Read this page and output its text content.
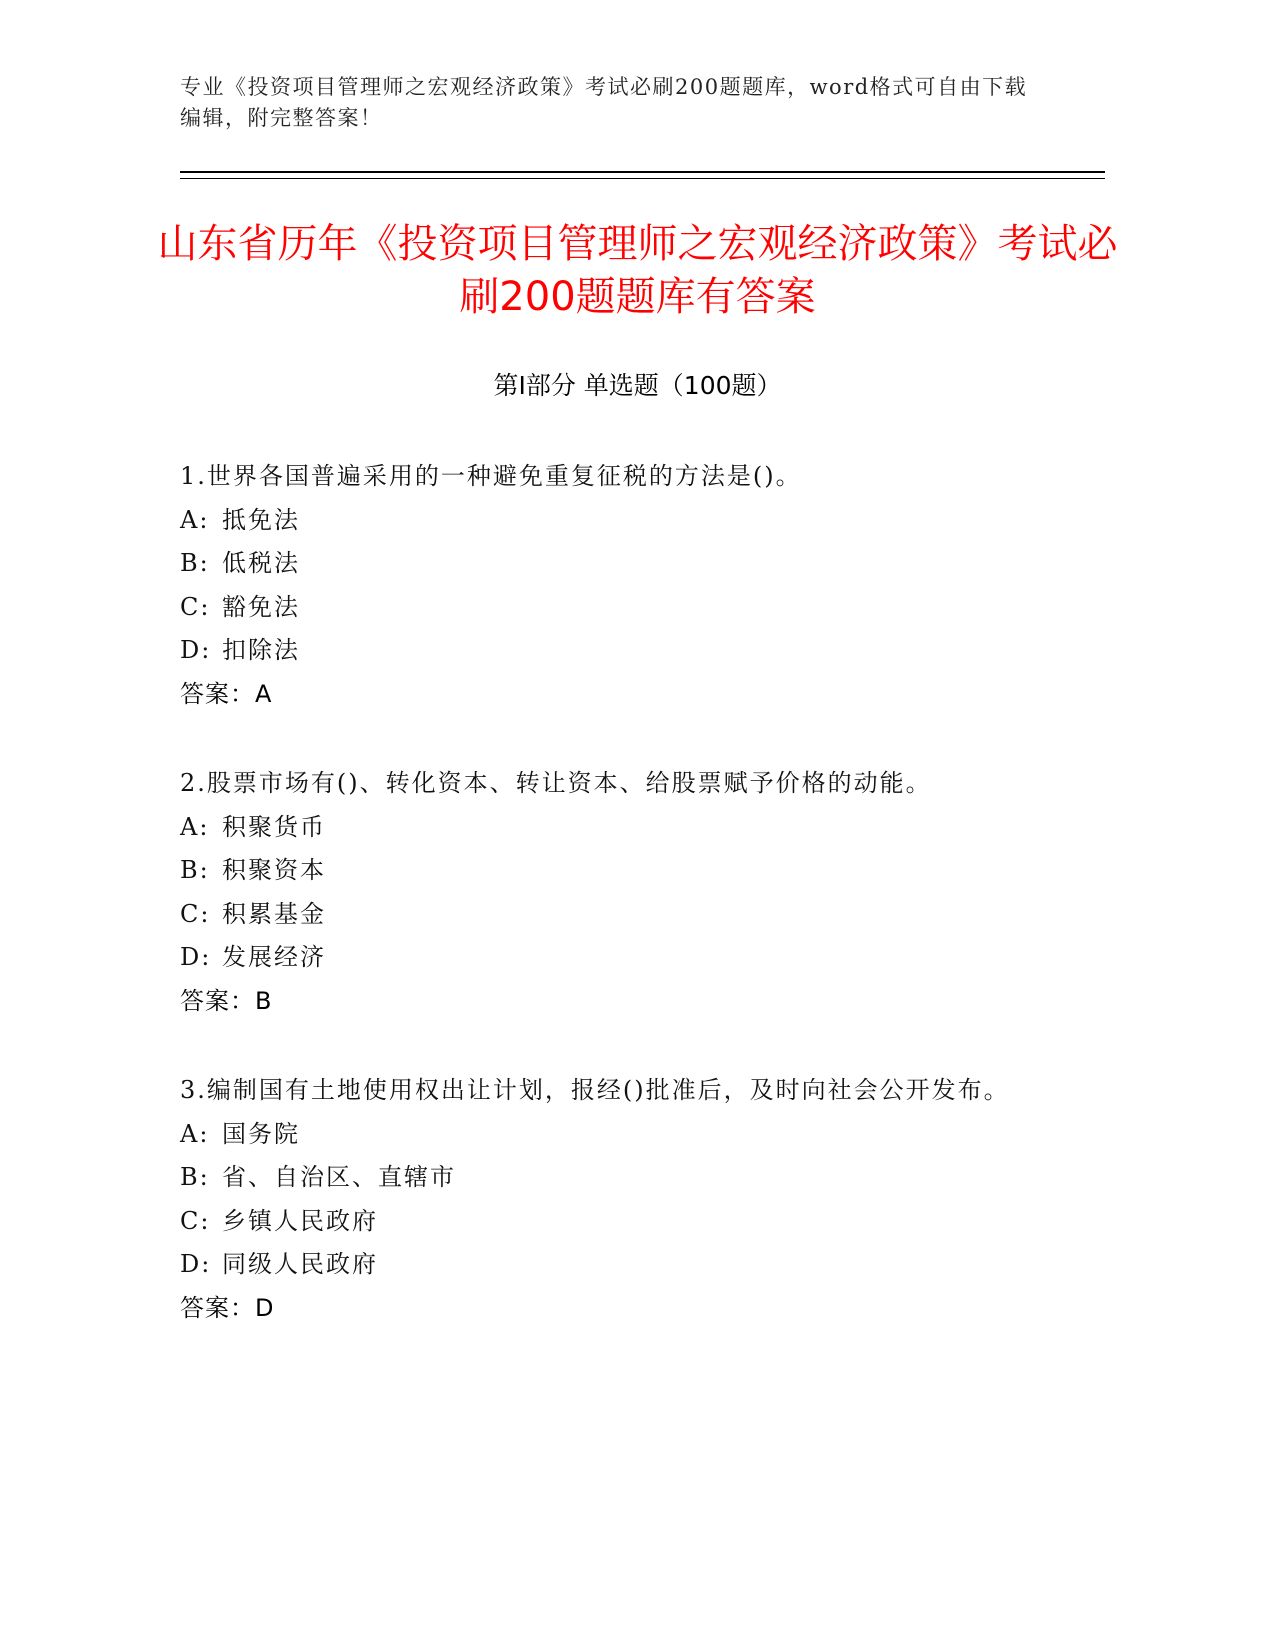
专业《投资项目管理师之宏观经济政策》考试必刷200题题库，word格式可自由下载编辑，附完整答案！
山东省历年《投资项目管理师之宏观经济政策》考试必刷200题题库有答案
第Ⅰ部分 单选题（100题）
1.世界各国普遍采用的一种避免重复征税的方法是()。
A: 抵免法
B: 低税法
C: 豁免法
D: 扣除法
答案：A
2.股票市场有()、转化资本、转让资本、给股票赋予价格的动能。
A: 积聚货币
B: 积聚资本
C: 积累基金
D: 发展经济
答案：B
3.编制国有土地使用权出让计划，报经()批准后，及时向社会公开发布。
A: 国务院
B: 省、自治区、直辖市
C: 乡镇人民政府
D: 同级人民政府
答案：D
